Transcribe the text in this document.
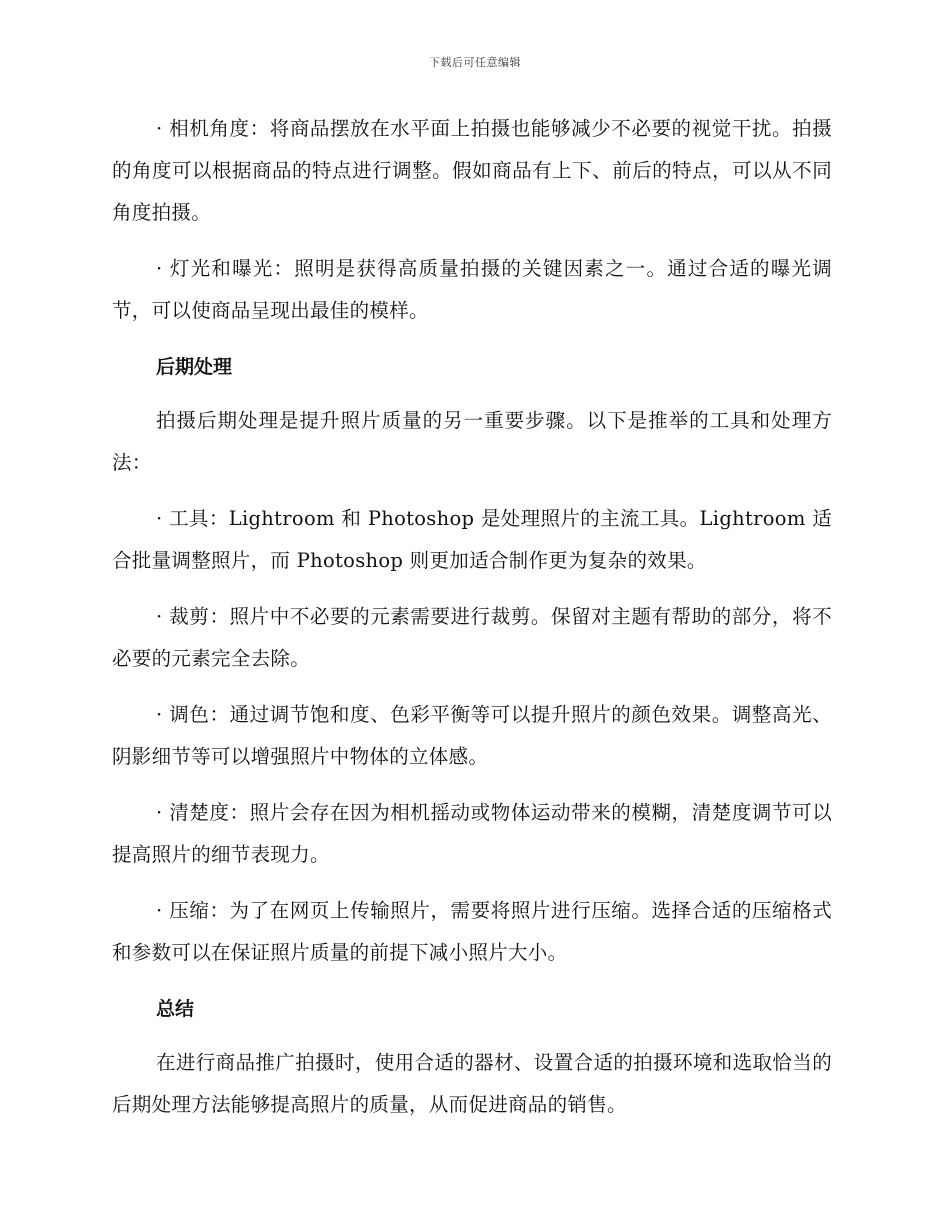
下载后可任意编辑

· 相机角度：将商品摆放在水平面上拍摄也能够减少不必要的视觉干扰。拍摄的角度可以根据商品的特点进行调整。假如商品有上下、前后的特点，可以从不同角度拍摄。

· 灯光和曝光：照明是获得高质量拍摄的关键因素之一。通过合适的曝光调节，可以使商品呈现出最佳的模样。

后期处理

拍摄后期处理是提升照片质量的另一重要步骤。以下是推举的工具和处理方法：

· 工具：Lightroom 和 Photoshop 是处理照片的主流工具。Lightroom 适合批量调整照片，而 Photoshop 则更加适合制作更为复杂的效果。

· 裁剪：照片中不必要的元素需要进行裁剪。保留对主题有帮助的部分，将不必要的元素完全去除。

· 调色：通过调节饱和度、色彩平衡等可以提升照片的颜色效果。调整高光、阴影细节等可以增强照片中物体的立体感。

· 清楚度：照片会存在因为相机摇动或物体运动带来的模糊，清楚度调节可以提高照片的细节表现力。

· 压缩：为了在网页上传输照片，需要将照片进行压缩。选择合适的压缩格式和参数可以在保证照片质量的前提下减小照片大小。

总结

在进行商品推广拍摄时，使用合适的器材、设置合适的拍摄环境和选取恰当的后期处理方法能够提高照片的质量，从而促进商品的销售。
